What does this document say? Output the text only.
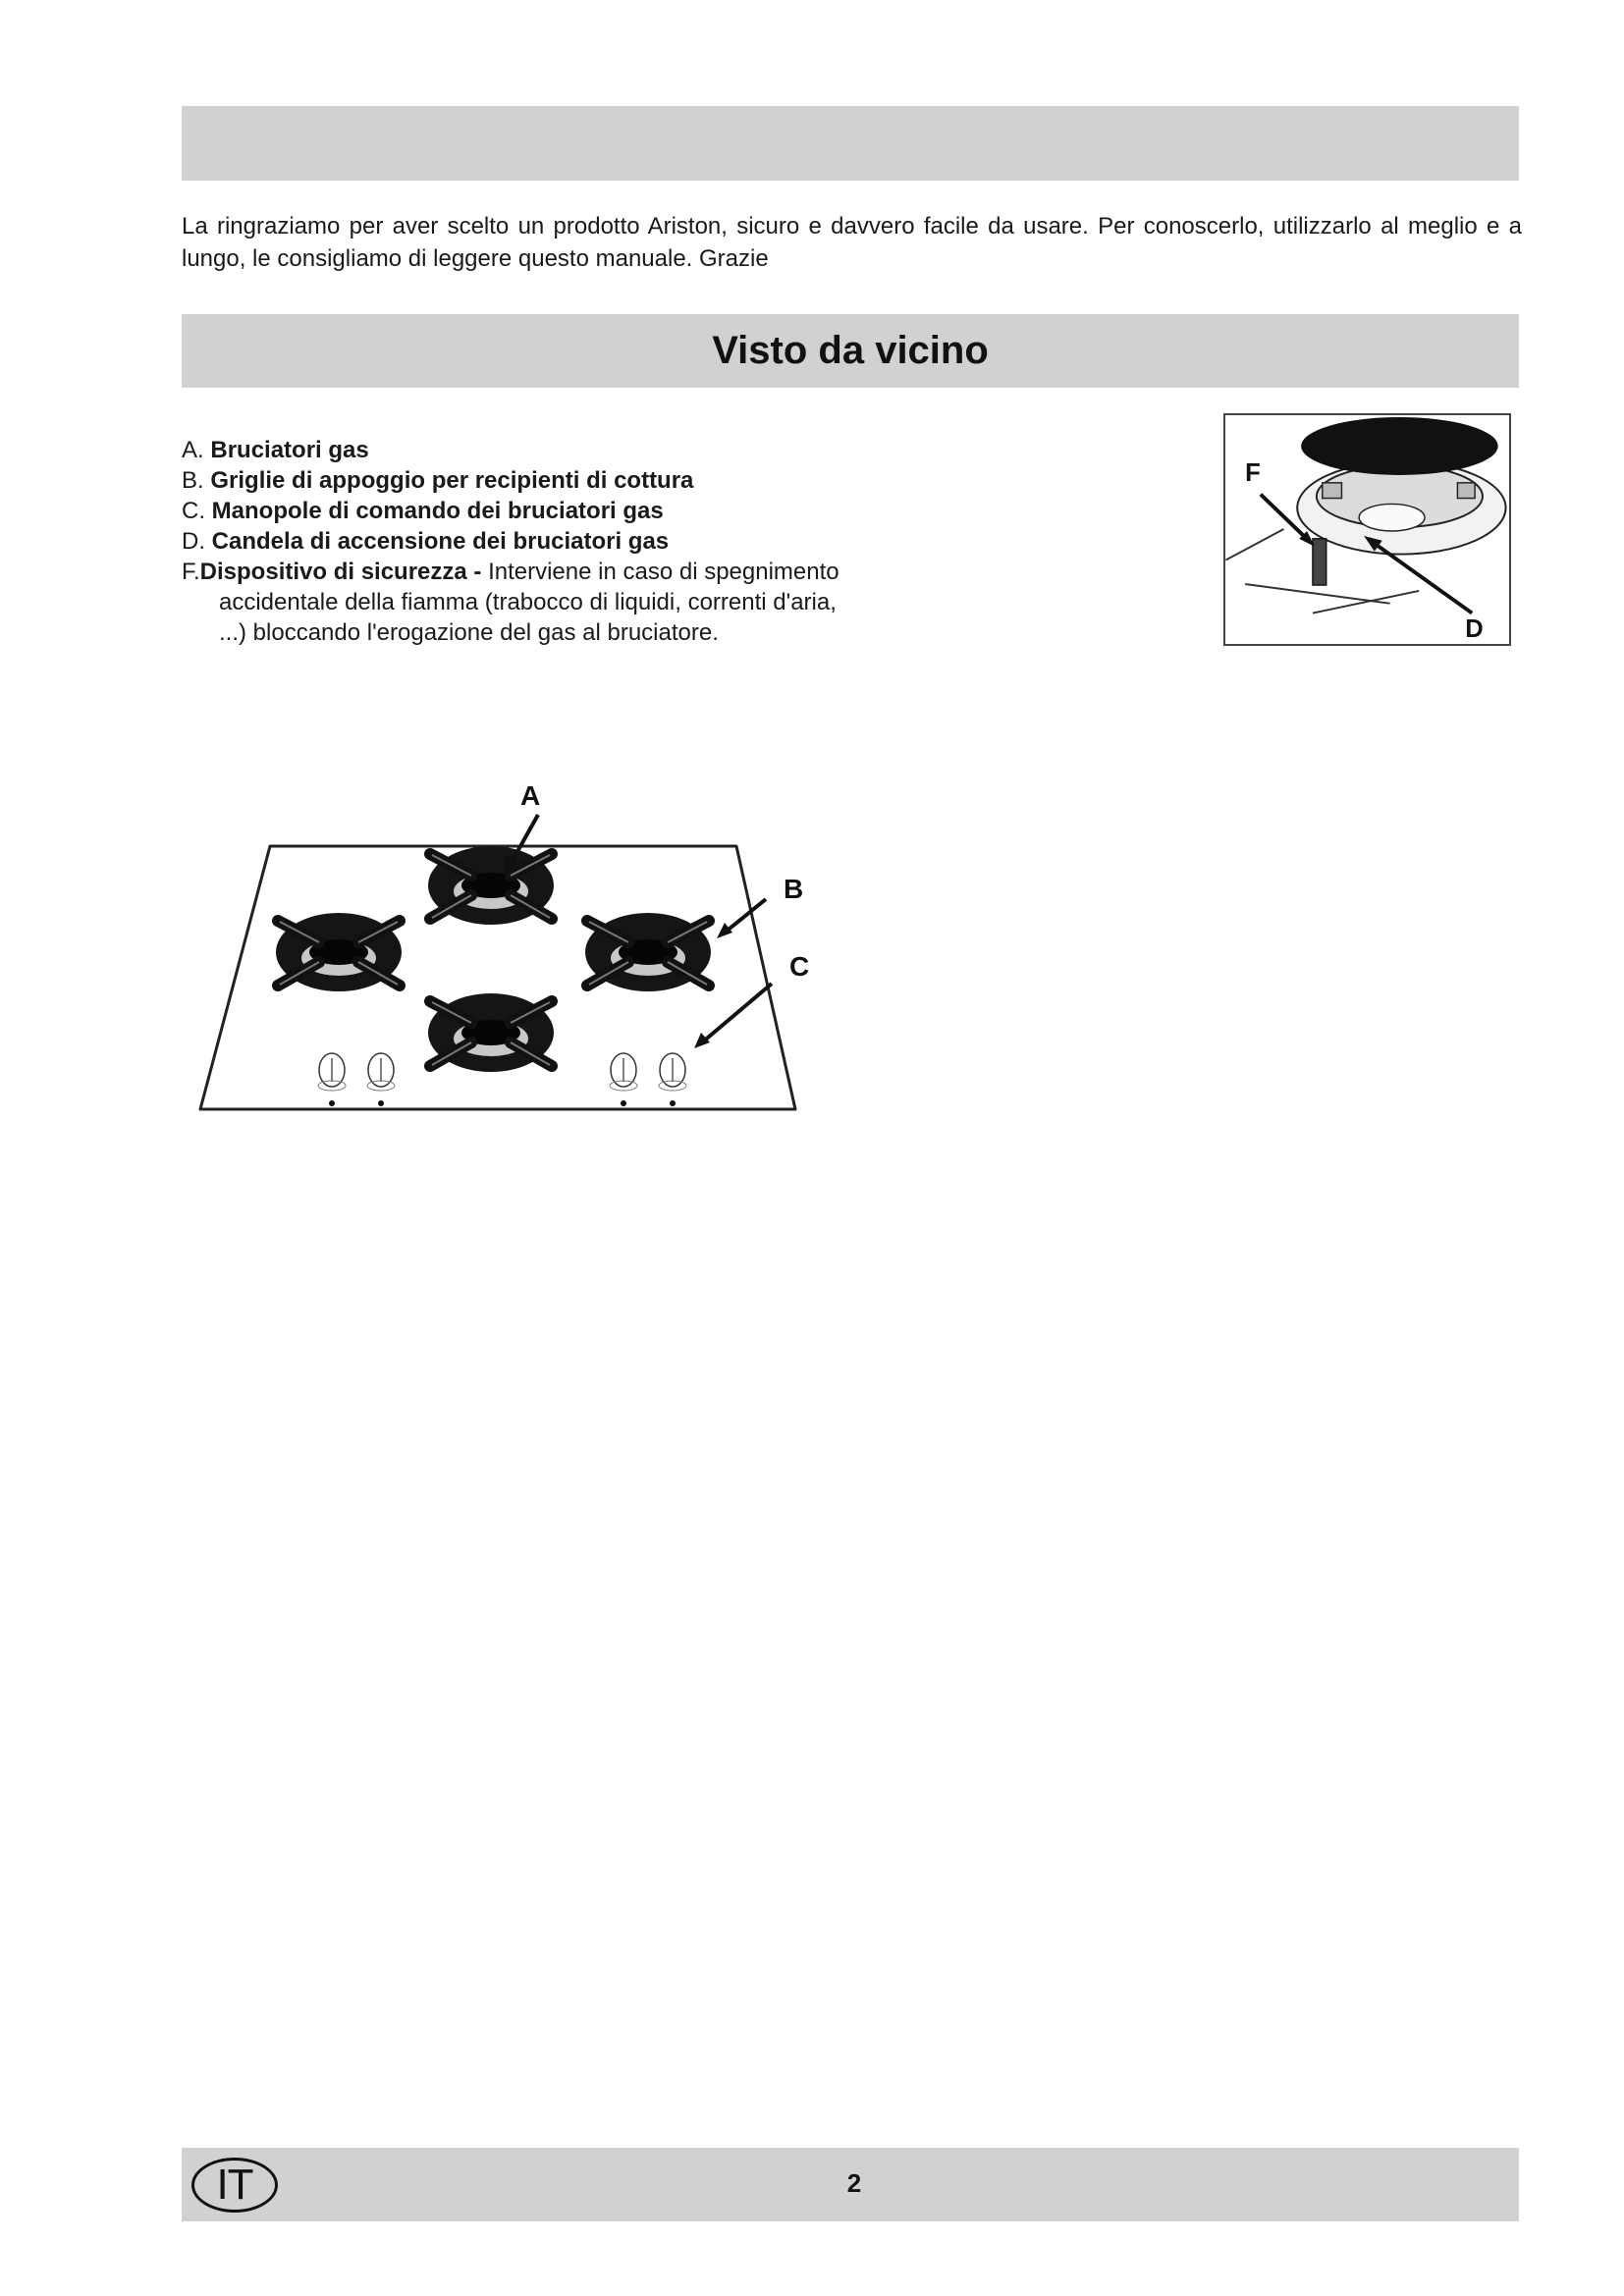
La ringraziamo per aver scelto un prodotto Ariston, sicuro e davvero facile da usare. Per conoscerlo, utilizzarlo al meglio e a lungo, le consigliamo di leggere questo manuale. Grazie

Visto da vicino
A. Bruciatori gas
B. Griglie di appoggio per recipienti di cottura
C. Manopole di comando dei bruciatori gas
D. Candela di accensione dei bruciatori gas
F.Dispositivo di sicurezza - Interviene in caso di spegnimento accidentale della fiamma (trabocco di liquidi, correnti d'aria, ...) bloccando l'erogazione del gas al bruciatore.
F
D
A
B
C
IT	2
